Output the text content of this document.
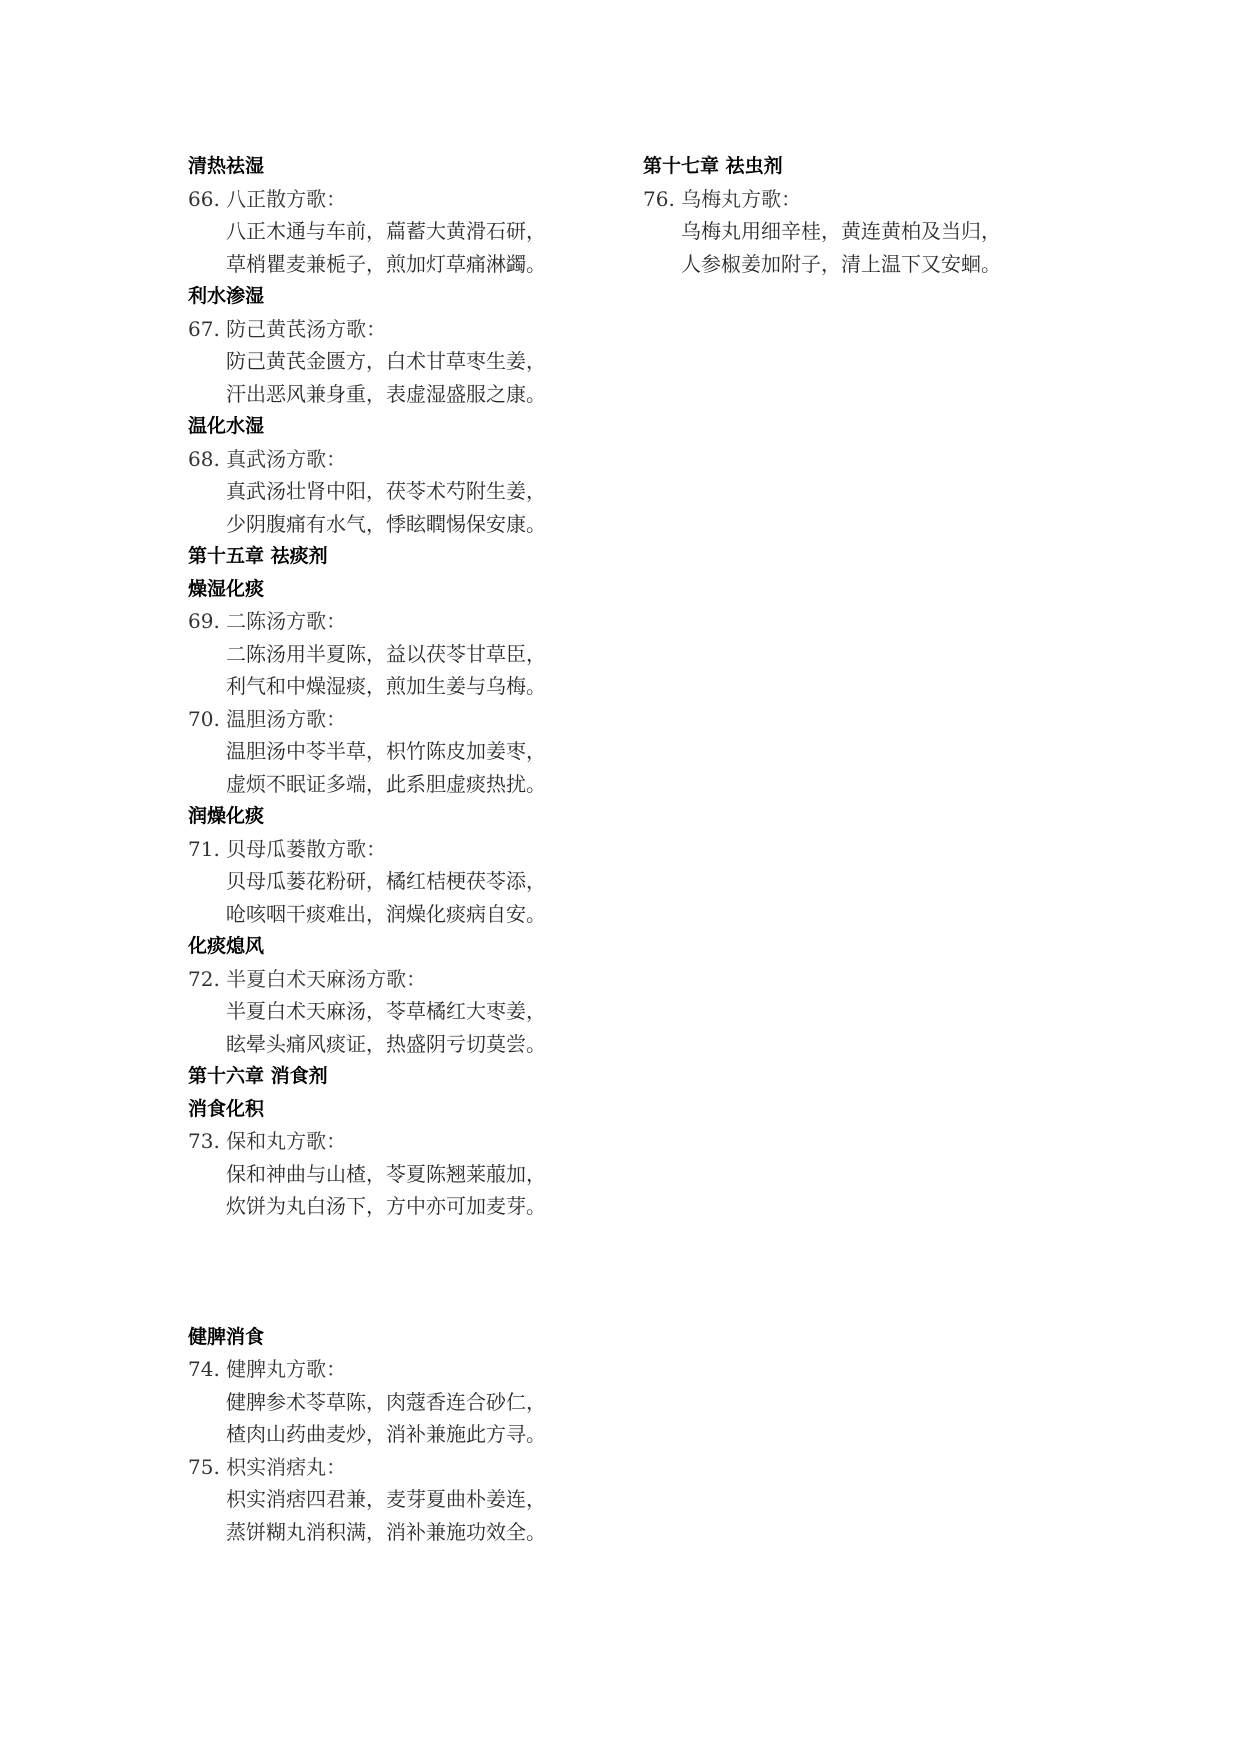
清热祛湿
66. 八正散方歌：
八正木通与车前，萹蓄大黄滑石研，
草梢瞿麦兼栀子，煎加灯草痛淋蠲。
利水渗湿
67. 防己黄芪汤方歌：
防己黄芪金匮方，白术甘草枣生姜，
汗出恶风兼身重，表虚湿盛服之康。
温化水湿
68. 真武汤方歌：
真武汤壮肾中阳，茯苓术芍附生姜，
少阴腹痛有水气，悸眩瞤惕保安康。
第十五章 祛痰剂
燥湿化痰
69. 二陈汤方歌：
二陈汤用半夏陈，益以茯苓甘草臣，
利气和中燥湿痰，煎加生姜与乌梅。
70. 温胆汤方歌：
温胆汤中苓半草，枳竹陈皮加姜枣，
虚烦不眠证多端，此系胆虚痰热扰。
润燥化痰
71. 贝母瓜蒌散方歌：
贝母瓜蒌花粉研，橘红桔梗茯苓添，
呛咳咽干痰难出，润燥化痰病自安。
化痰熄风
72. 半夏白术天麻汤方歌：
半夏白术天麻汤，苓草橘红大枣姜，
眩晕头痛风痰证，热盛阴亏切莫尝。
第十六章 消食剂
消食化积
73. 保和丸方歌：
保和神曲与山楂，苓夏陈翘莱菔加，
炊饼为丸白汤下，方中亦可加麦芽。
健脾消食
74. 健脾丸方歌：
健脾参术苓草陈，肉蔻香连合砂仁，
楂肉山药曲麦炒，消补兼施此方寻。
75. 枳实消痞丸：
枳实消痞四君兼，麦芽夏曲朴姜连，
蒸饼糊丸消积满，消补兼施功效全。
第十七章 祛虫剂
76. 乌梅丸方歌：
乌梅丸用细辛桂，黄连黄柏及当归，
人参椒姜加附子，清上温下又安蛔。
